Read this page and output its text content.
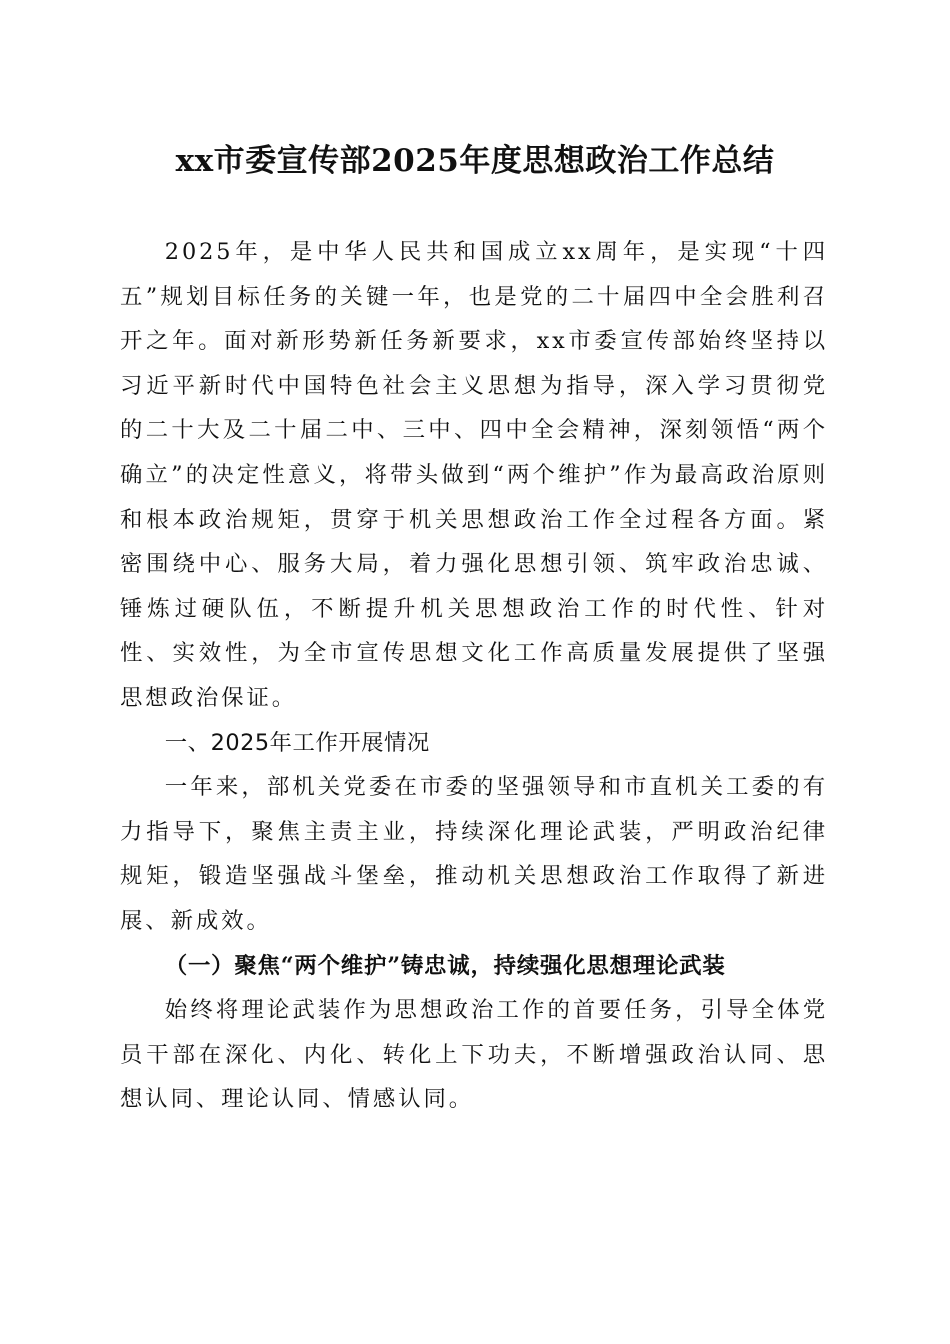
xx市委宣传部2025年度思想政治工作总结

2025年，是中华人民共和国成立xx周年，是实现“十四五”规划目标任务的关键一年，也是党的二十届四中全会胜利召开之年。面对新形势新任务新要求，xx市委宣传部始终坚持以习近平新时代中国特色社会主义思想为指导，深入学习贯彻党的二十大及二十届二中、三中、四中全会精神，深刻领悟“两个确立”的决定性意义，将带头做到“两个维护”作为最高政治原则和根本政治规矩，贯穿于机关思想政治工作全过程各方面。紧密围绕中心、服务大局，着力强化思想引领、筑牢政治忠诚、锤炼过硬队伍，不断提升机关思想政治工作的时代性、针对性、实效性，为全市宣传思想文化工作高质量发展提供了坚强思想政治保证。

一、2025年工作开展情况

一年来，部机关党委在市委的坚强领导和市直机关工委的有力指导下，聚焦主责主业，持续深化理论武装，严明政治纪律规矩，锻造坚强战斗堡垒，推动机关思想政治工作取得了新进展、新成效。

（一）聚焦“两个维护”铸忠诚，持续强化思想理论武装

始终将理论武装作为思想政治工作的首要任务，引导全体党员干部在深化、内化、转化上下功夫，不断增强政治认同、思想认同、理论认同、情感认同。
